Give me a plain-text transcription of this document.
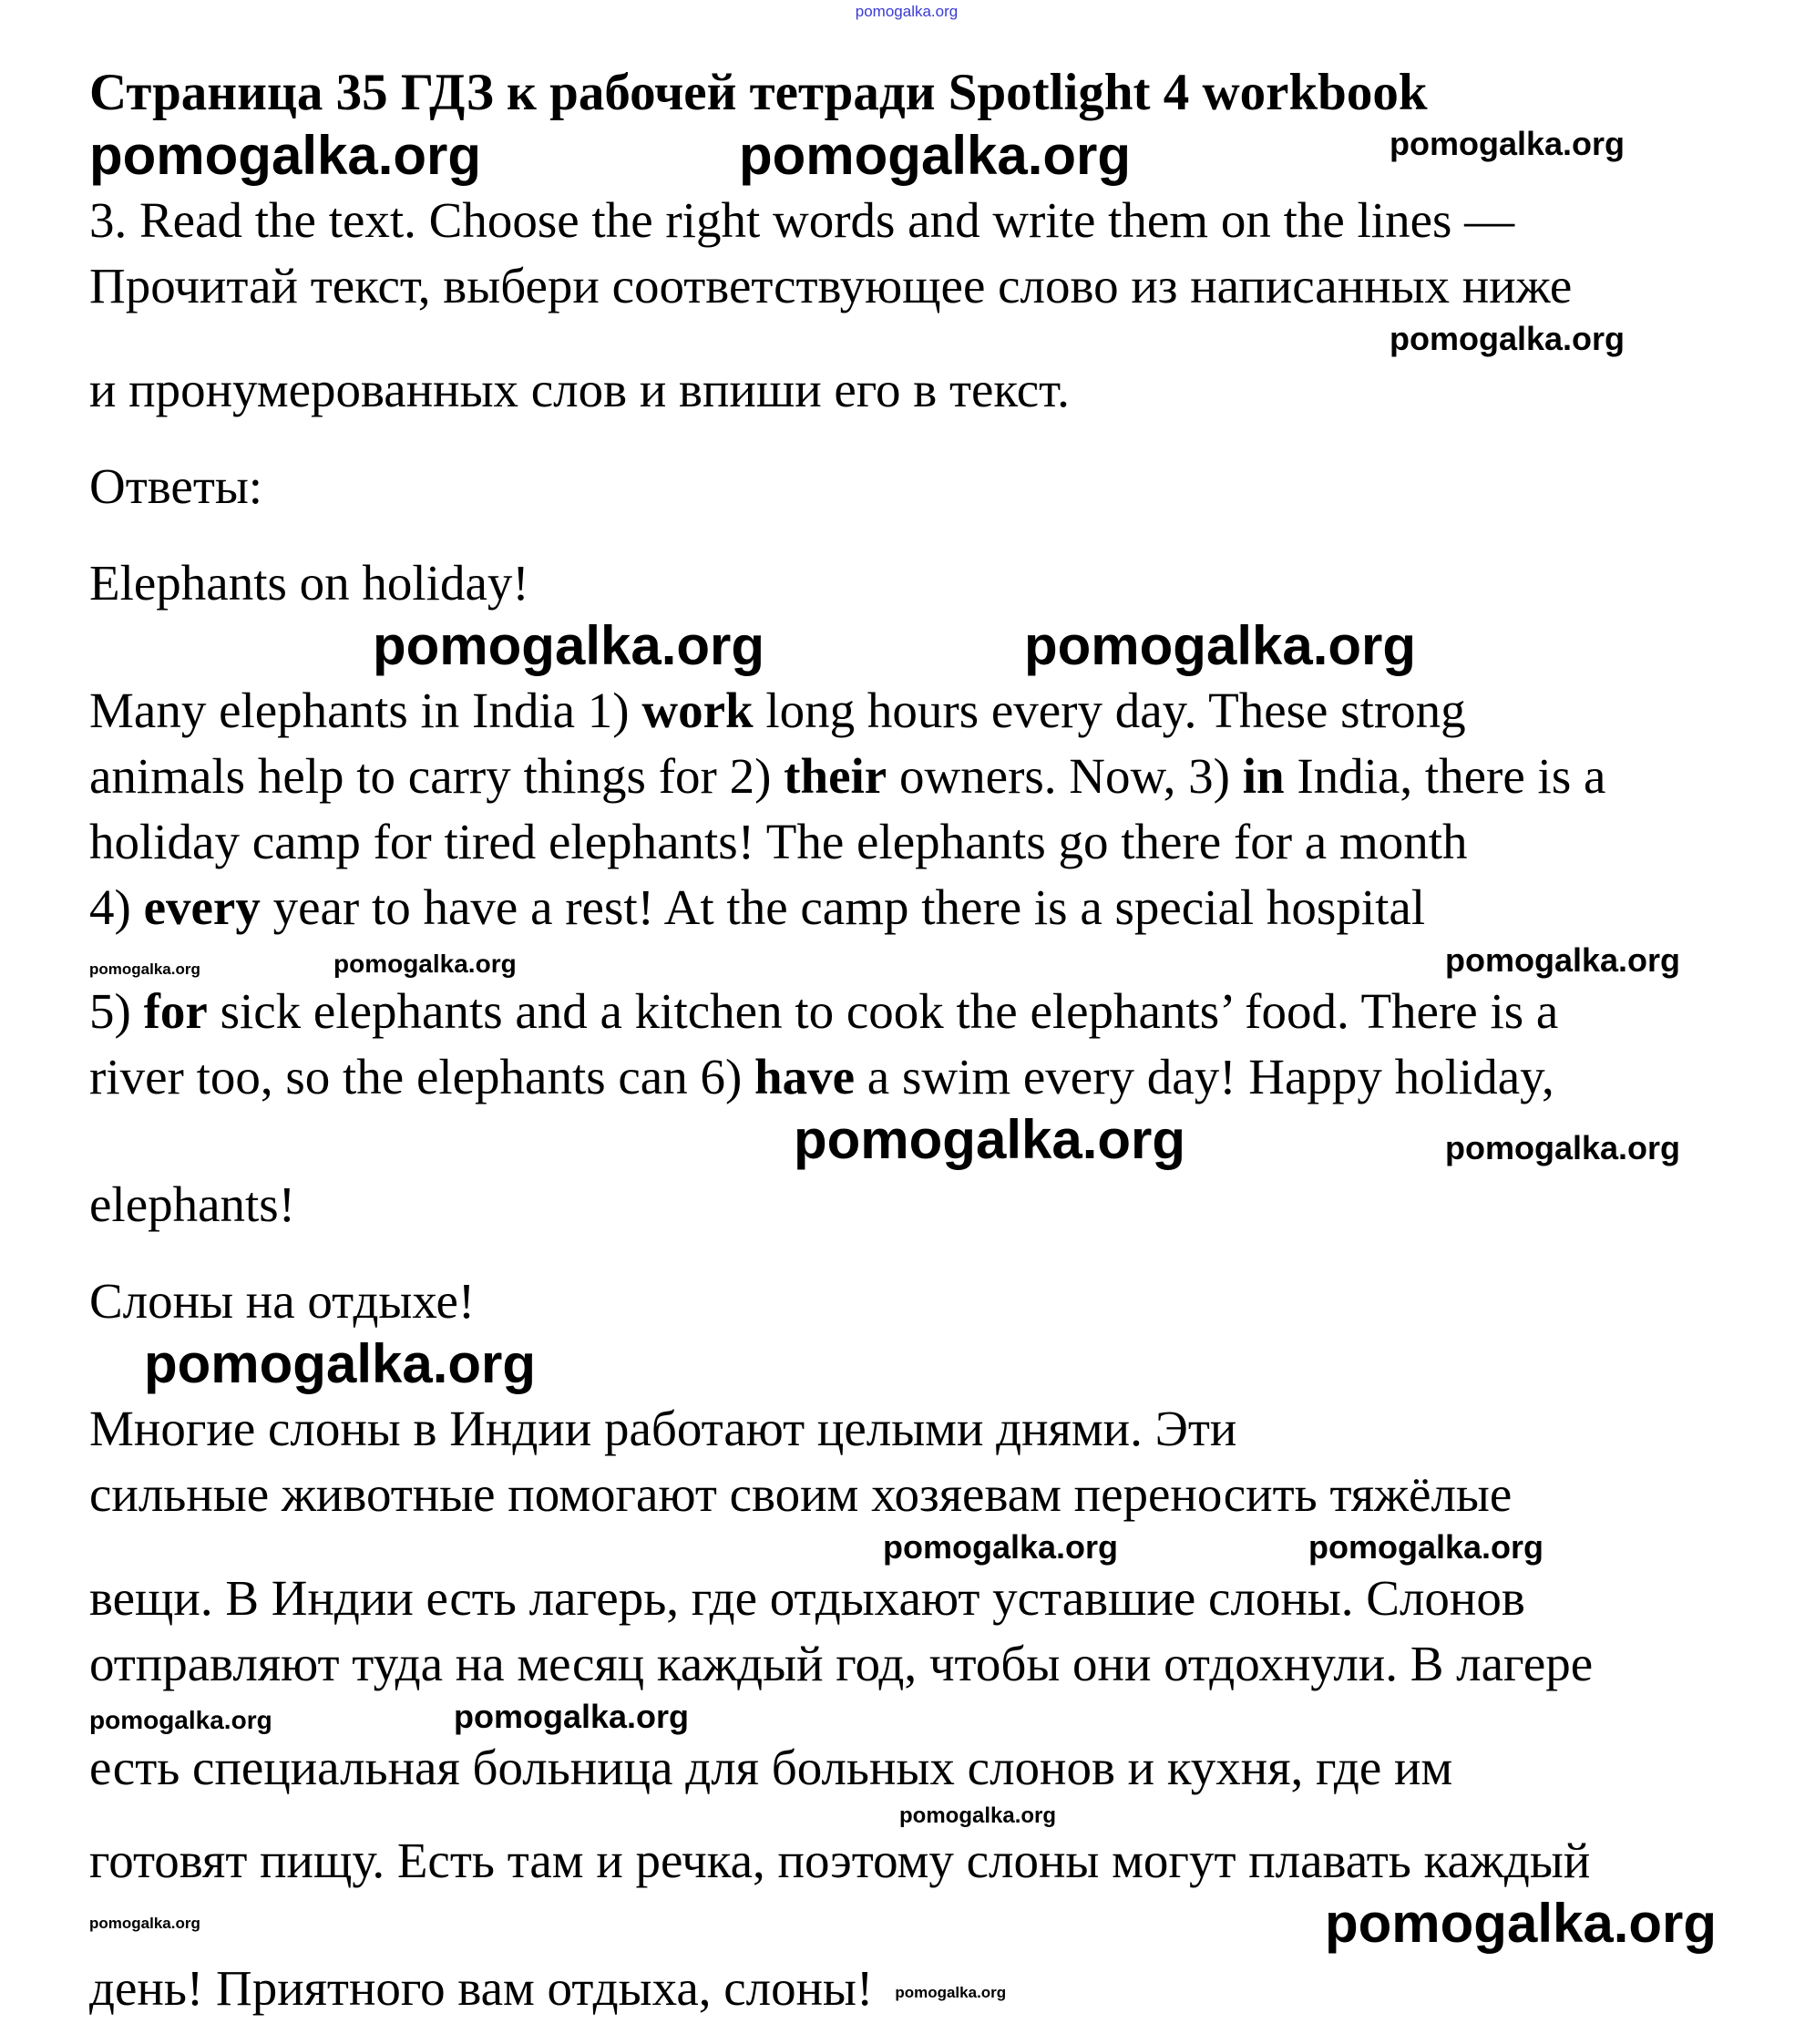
pomogalka.org
Страница 35 ГДЗ к рабочей тетради Spotlight 4 workbook
pomogalka.org	pomogalka.org	pomogalka.org
3. Read the text. Choose the right words and write them on the lines —
Прочитай текст, выбери соответствующее слово из написанных ниже
pomogalka.org
и пронумерованных слов и впиши его в текст.
Ответы:
Elephants on holiday!
pomogalka.org	pomogalka.org
Many elephants in India 1) work long hours every day. These strong
animals help to carry things for 2) their owners. Now, 3) in India, there is a
holiday camp for tired elephants! The elephants go there for a month
4) every year to have a rest! At the camp there is a special hospital
pomogalka.org	pomogalka.org	pomogalka.org
5) for sick elephants and a kitchen to cook the elephants’ food. There is a
river too, so the elephants can 6) have a swim every day! Happy holiday,
pomogalka.org	pomogalka.org
elephants!
Слоны на отдыхе!
pomogalka.org
Многие слоны в Индии работают целыми днями. Эти
сильные животные помогают своим хозяевам переносить тяжёлые
pomogalka.org	pomogalka.org
вещи. В Индии есть лагерь, где отдыхают уставшие слоны. Слонов
отправляют туда на месяц каждый год, чтобы они отдохнули. В лагере
pomogalka.org	pomogalka.org
есть специальная больница для больных слонов и кухня, где им
pomogalka.org
готовят пищу. Есть там и речка, поэтому слоны могут плавать каждый
pomogalka.org	pomogalka.org
день! Приятного вам отдыха, слоны! pomogalka.org
